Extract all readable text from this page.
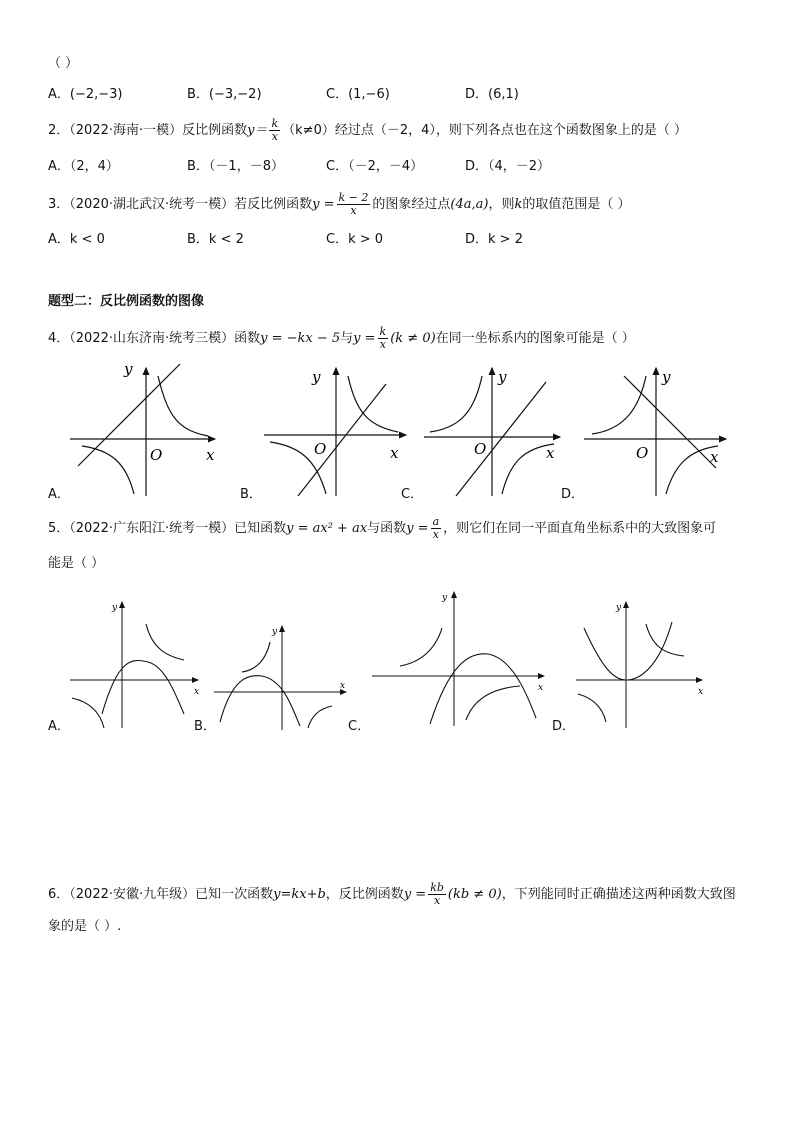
（ ）
A．(−2,−3)	B．(−3,−2)	C．(1,−6)	D．(6,1)
2．（2022·海南·一模）反比例函数$y= \frac{k}{x} (k\ne 0)$经过点（－2，4），则下列各点也在这个函数图象上的是（ ）
A．（2，4）	B．（－1，－8）	C．（－2，－4）	D．（4，－2）
3．（2020·湖北武汉·统考一模）若反比例函数$y = \frac{k - 2}{x}$ 的图象经过点(4a,a)，则k的取值范围是（ ）
A．k < 0	B．k < 2	C．k > 0	D．k > 2
题型二：反比例函数的图像
4．（2022·山东济南·统考三模）函数y = −kx − 5与$y = \frac{k}{x} (k \ne 0)$在同一坐标系内的图象可能是（ ）
y
O	x
A．
y
O	x
B．
y
O	x
C．
y
O	x
D．
5．（2022·广东阳江·统考一模）已知函数y = ax² + ax与函数$y = \frac{a}{x}$ ，则它们在同一平面直角坐标系中的大致图象可
能是（ ）
y
x
A．
y
x
B．
y
x
C．
y
x
D．
6．（2022·安徽·九年级）已知一次函数y=kx+b，反比例函数$y = \frac{kb}{x} (kb \ne 0)$，下列能同时正确描述这两种函数大致图
象的是（ ）.
